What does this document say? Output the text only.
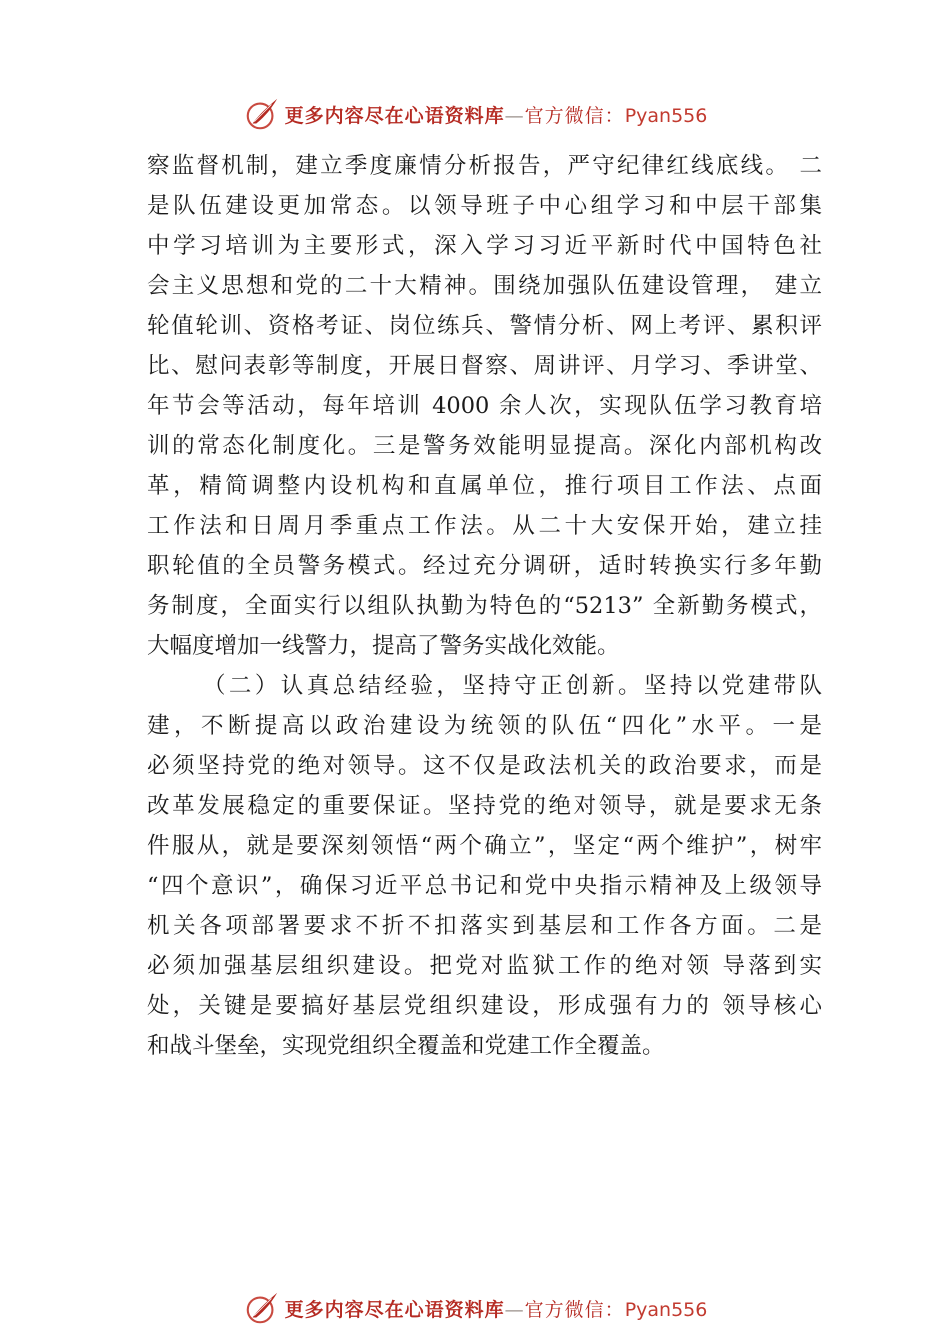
更多内容尽在心语资料库—官方微信：Pyan556
察监督机制，建立季度廉情分析报告，严守纪律红线底线。 二
是队伍建设更加常态。以领导班子中心组学习和中层干部集
中学习培训为主要形式，深入学习习近平新时代中国特色社
会主义思想和党的二十大精神。围绕加强队伍建设管理， 建立
轮值轮训、资格考证、岗位练兵、警情分析、网上考评、累积评
比、慰问表彰等制度，开展日督察、周讲评、月学习、季讲堂、
年节会等活动，每年培训 4000 余人次，实现队伍学习教育培
训的常态化制度化。三是警务效能明显提高。深化内部机构改
革，精简调整内设机构和直属单位，推行项目工作法、点面
工作法和日周月季重点工作法。从二十大安保开始，建立挂
职轮值的全员警务模式。经过充分调研，适时转换实行多年勤
务制度，全面实行以组队执勤为特色的“5213” 全新勤务模式，
大幅度增加一线警力，提高了警务实战化效能。
（二）认真总结经验，坚持守正创新。坚持以党建带队
建，不断提高以政治建设为统领的队伍“四化”水平。一是
必须坚持党的绝对领导。这不仅是政法机关的政治要求，而是
改革发展稳定的重要保证。坚持党的绝对领导，就是要求无条
件服从，就是要深刻领悟“两个确立”，坚定“两个维护”，树牢
“四个意识”，确保习近平总书记和党中央指示精神及上级领导
机关各项部署要求不折不扣落实到基层和工作各方面。二是
必须加强基层组织建设。把党对监狱工作的绝对领 导落到实
处，关键是要搞好基层党组织建设，形成强有力的 领导核心
和战斗堡垒，实现党组织全覆盖和党建工作全覆盖。
更多内容尽在心语资料库—官方微信：Pyan556
